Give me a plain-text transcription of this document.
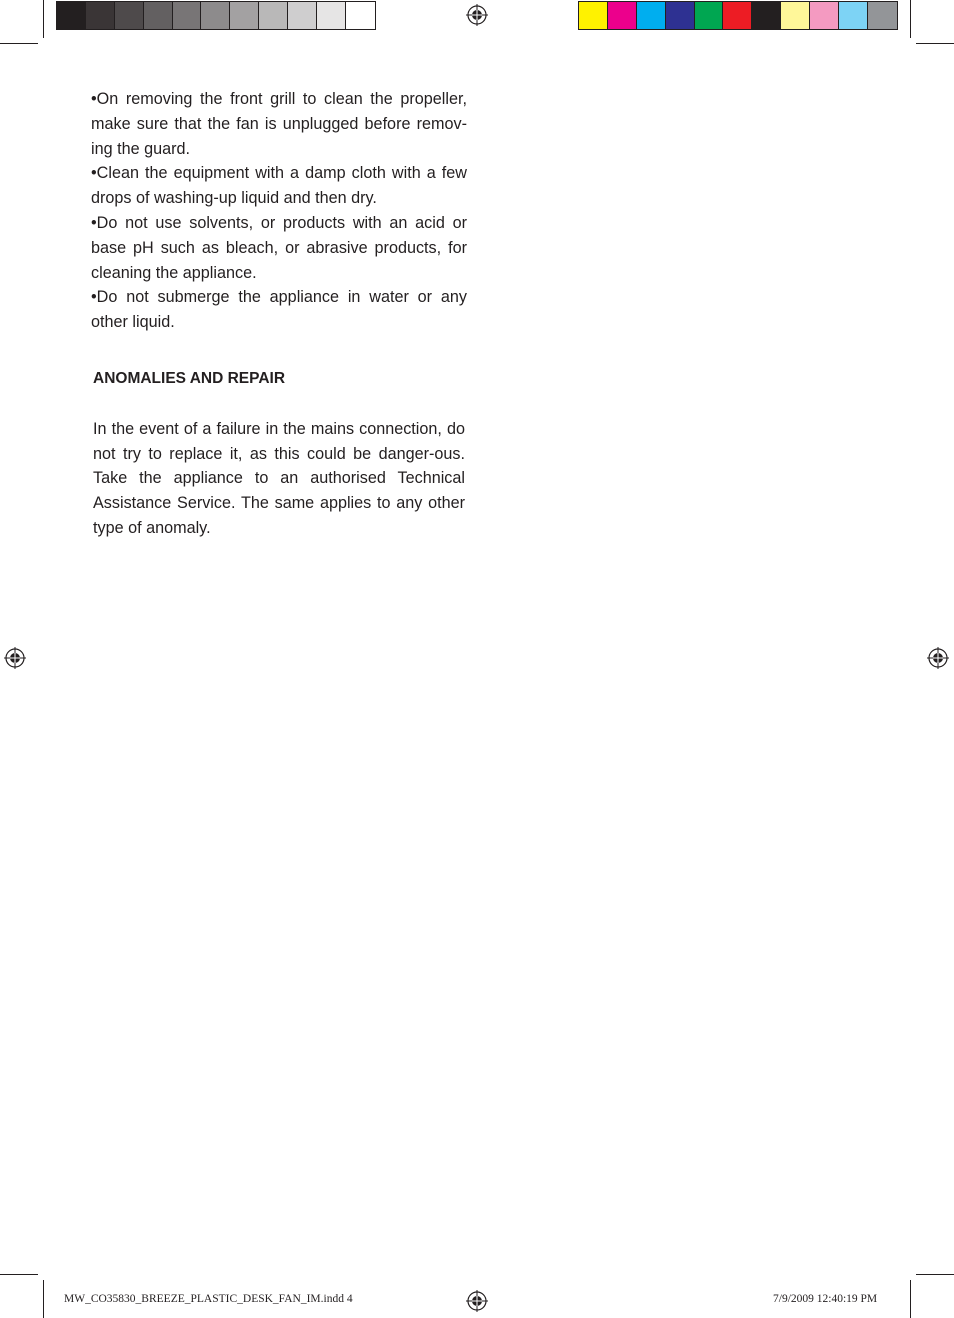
•On removing the front grill to clean the propeller, make sure that the fan is unplugged before remov-ing the guard.

•Clean the equipment with a damp cloth with a few drops of washing-up liquid and then dry.

•Do not use solvents, or products with an acid or base pH such as bleach, or abrasive products, for cleaning the appliance.

•Do not submerge the appliance in water or any other liquid.

ANOMALIES AND REPAIR

In the event of a failure in the mains connection, do not try to replace it, as this could be danger-ous. Take the appliance to an authorised Technical Assistance Service. The same applies to any other type of anomaly.

MW_CO35830_BREEZE_PLASTIC_DESK_FAN_IM.indd 4	7/9/2009 12:40:19 PM
